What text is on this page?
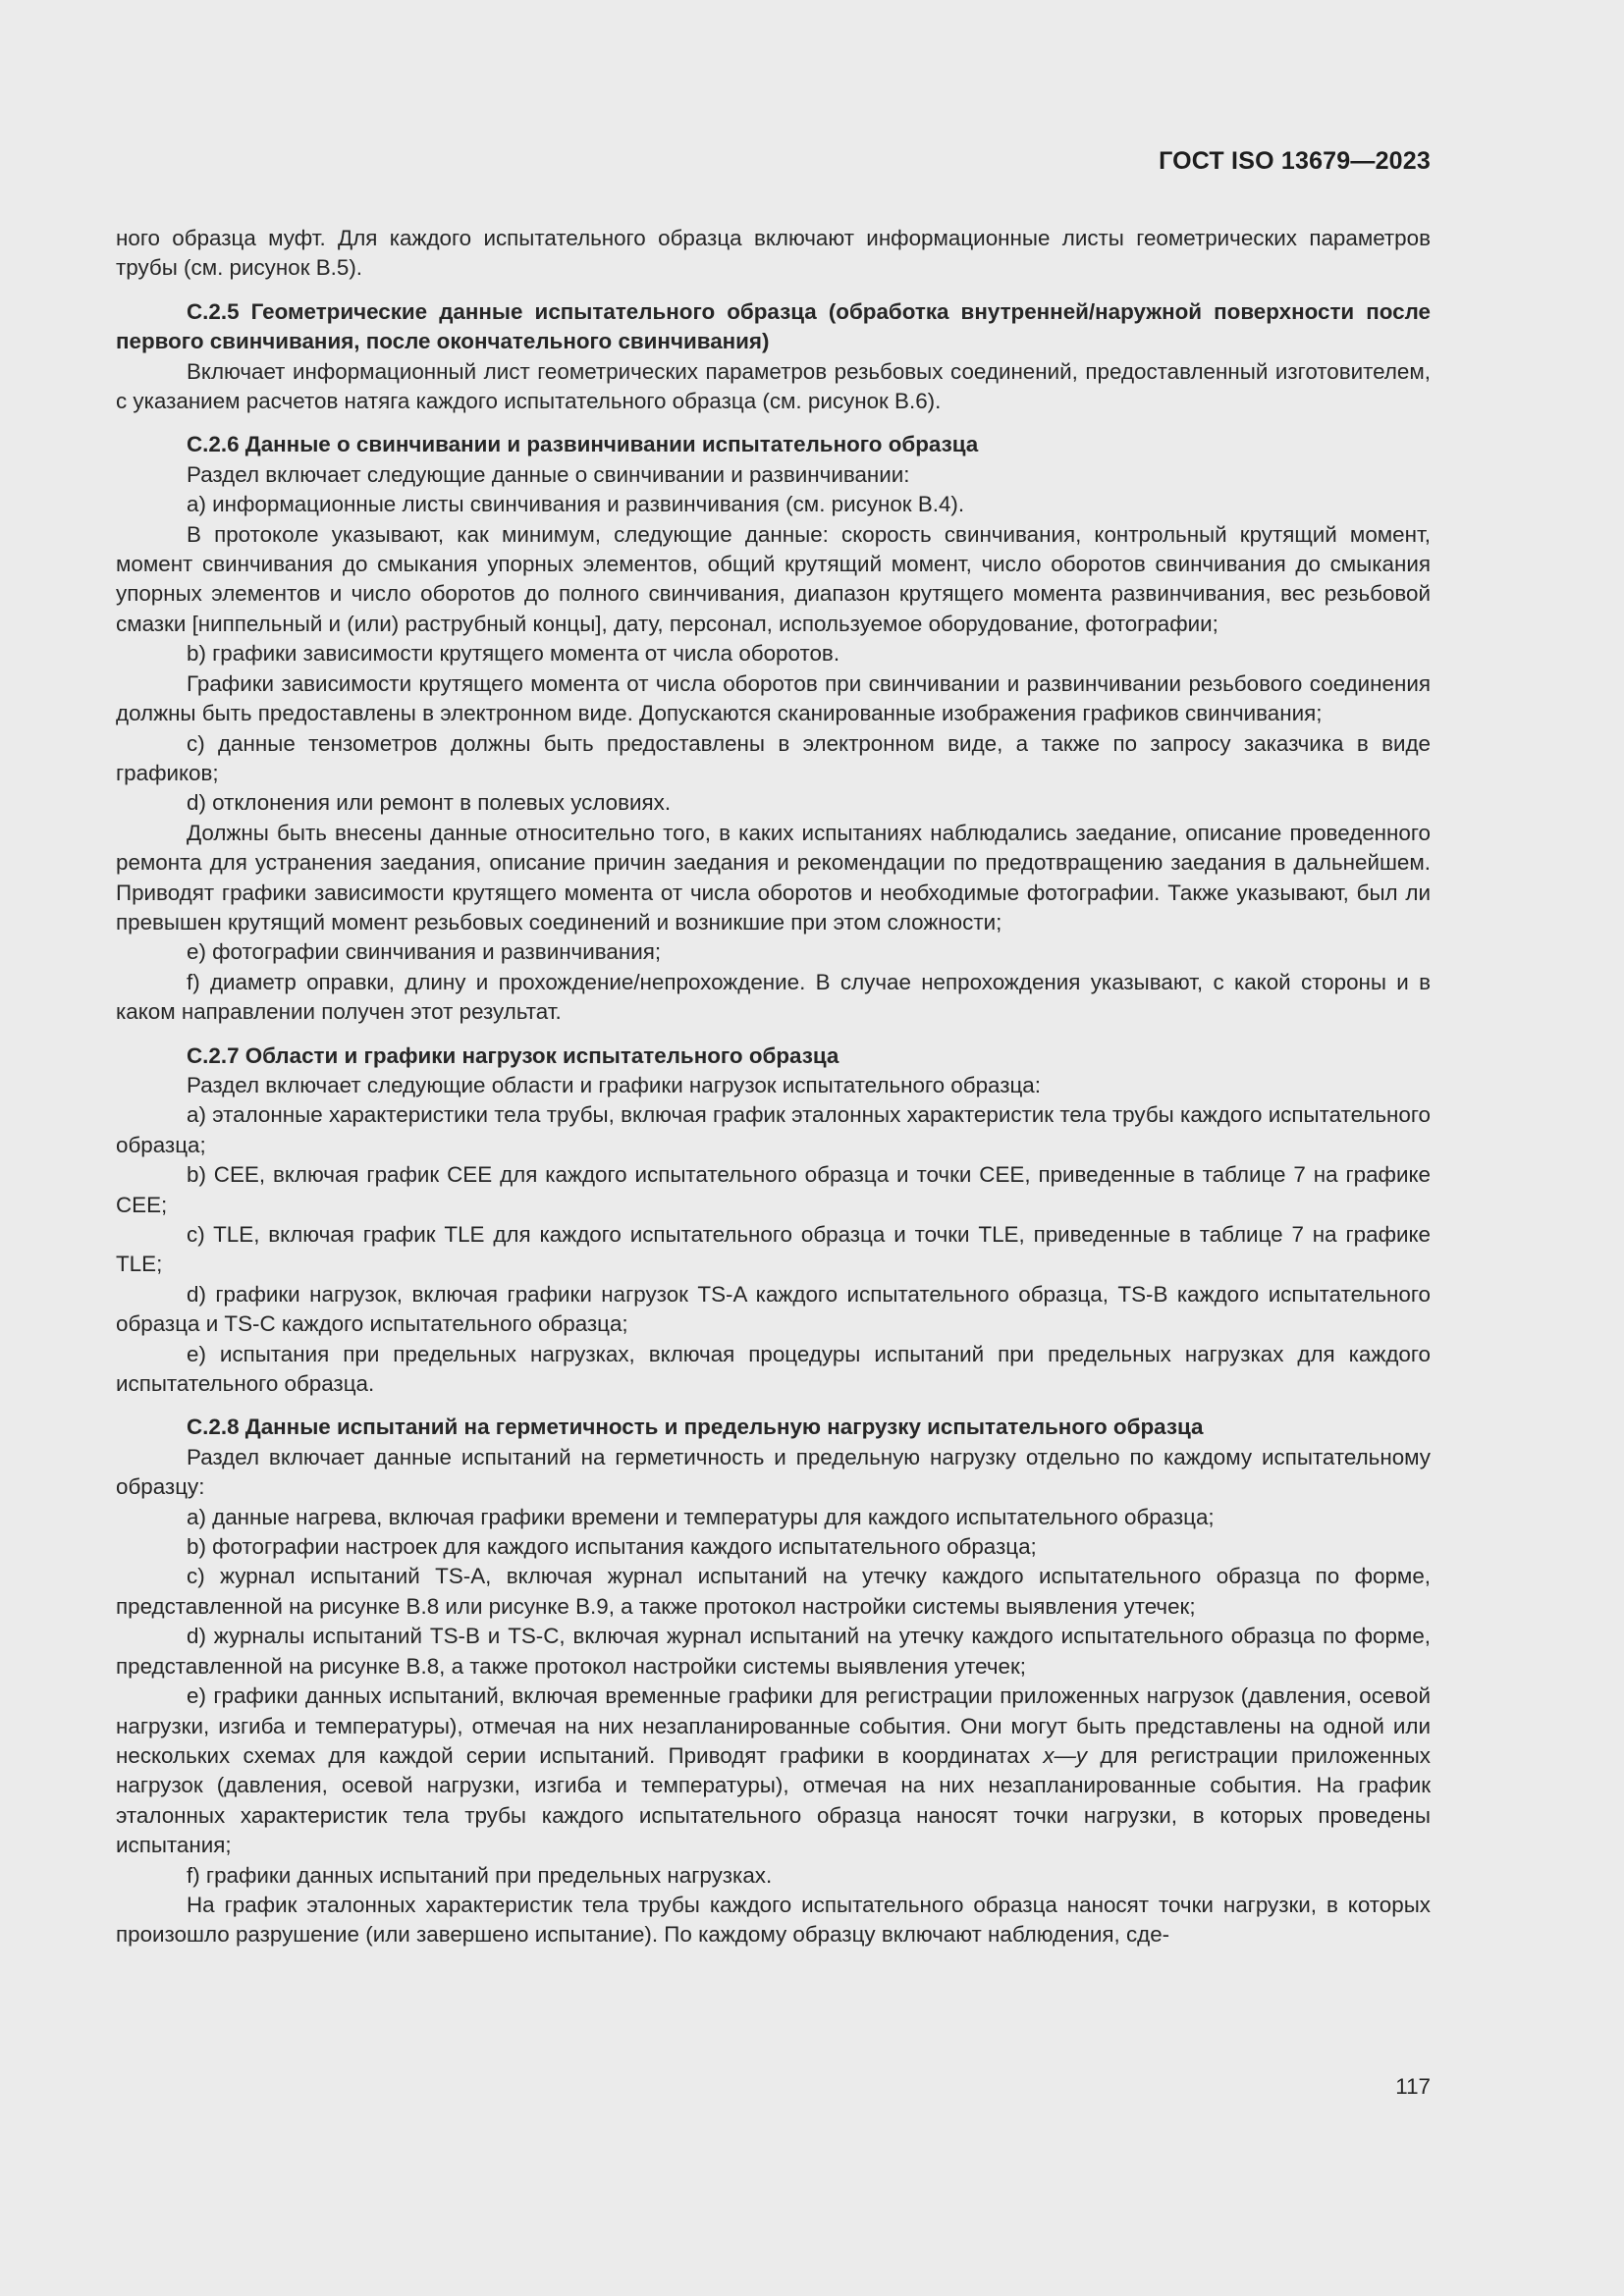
ГОСТ ISO 13679—2023

ного образца муфт. Для каждого испытательного образца включают информационные листы геометрических параметров трубы (см. рисунок B.5).

С.2.5 Геометрические данные испытательного образца (обработка внутренней/наружной поверхности после первого свинчивания, после окончательного свинчивания)

Включает информационный лист геометрических параметров резьбовых соединений, предоставленный изготовителем, с указанием расчетов натяга каждого испытательного образца (см. рисунок B.6).

С.2.6 Данные о свинчивании и развинчивании испытательного образца

Раздел включает следующие данные о свинчивании и развинчивании:

a) информационные листы свинчивания и развинчивания (см. рисунок B.4).

В протоколе указывают, как минимум, следующие данные: скорость свинчивания, контрольный крутящий момент, момент свинчивания до смыкания упорных элементов, общий крутящий момент, число оборотов свинчивания до смыкания упорных элементов и число оборотов до полного свинчивания, диапазон крутящего момента развинчивания, вес резьбовой смазки [ниппельный и (или) раструбный концы], дату, персонал, используемое оборудование, фотографии;

b) графики зависимости крутящего момента от числа оборотов.

Графики зависимости крутящего момента от числа оборотов при свинчивании и развинчивании резьбового соединения должны быть предоставлены в электронном виде. Допускаются сканированные изображения графиков свинчивания;

c) данные тензометров должны быть предоставлены в электронном виде, а также по запросу заказчика в виде графиков;

d) отклонения или ремонт в полевых условиях.

Должны быть внесены данные относительно того, в каких испытаниях наблюдались заедание, описание проведенного ремонта для устранения заедания, описание причин заедания и рекомендации по предотвращению заедания в дальнейшем. Приводят графики зависимости крутящего момента от числа оборотов и необходимые фотографии. Также указывают, был ли превышен крутящий момент резьбовых соединений и возникшие при этом сложности;

e) фотографии свинчивания и развинчивания;

f) диаметр оправки, длину и прохождение/непрохождение. В случае непрохождения указывают, с какой стороны и в каком направлении получен этот результат.

С.2.7 Области и графики нагрузок испытательного образца

Раздел включает следующие области и графики нагрузок испытательного образца:

a) эталонные характеристики тела трубы, включая график эталонных характеристик тела трубы каждого испытательного образца;

b) CEE, включая график CEE для каждого испытательного образца и точки CEE, приведенные в таблице 7 на графике CEE;

c) TLE, включая график TLE для каждого испытательного образца и точки TLE, приведенные в таблице 7 на графике TLE;

d) графики нагрузок, включая графики нагрузок TS-A каждого испытательного образца, TS-B каждого испытательного образца и TS-C каждого испытательного образца;

e) испытания при предельных нагрузках, включая процедуры испытаний при предельных нагрузках для каждого испытательного образца.

С.2.8 Данные испытаний на герметичность и предельную нагрузку испытательного образца

Раздел включает данные испытаний на герметичность и предельную нагрузку отдельно по каждому испытательному образцу:

a) данные нагрева, включая графики времени и температуры для каждого испытательного образца;

b) фотографии настроек для каждого испытания каждого испытательного образца;

c) журнал испытаний TS-A, включая журнал испытаний на утечку каждого испытательного образца по форме, представленной на рисунке B.8 или рисунке B.9, а также протокол настройки системы выявления утечек;

d) журналы испытаний TS-B и TS-C, включая журнал испытаний на утечку каждого испытательного образца по форме, представленной на рисунке B.8, а также протокол настройки системы выявления утечек;

e) графики данных испытаний, включая временные графики для регистрации приложенных нагрузок (давления, осевой нагрузки, изгиба и температуры), отмечая на них незапланированные события. Они могут быть представлены на одной или нескольких схемах для каждой серии испытаний. Приводят графики в координатах x—y для регистрации приложенных нагрузок (давления, осевой нагрузки, изгиба и температуры), отмечая на них незапланированные события. На график эталонных характеристик тела трубы каждого испытательного образца наносят точки нагрузки, в которых проведены испытания;

f) графики данных испытаний при предельных нагрузках.

На график эталонных характеристик тела трубы каждого испытательного образца наносят точки нагрузки, в которых произошло разрушение (или завершено испытание). По каждому образцу включают наблюдения, сде-

117
